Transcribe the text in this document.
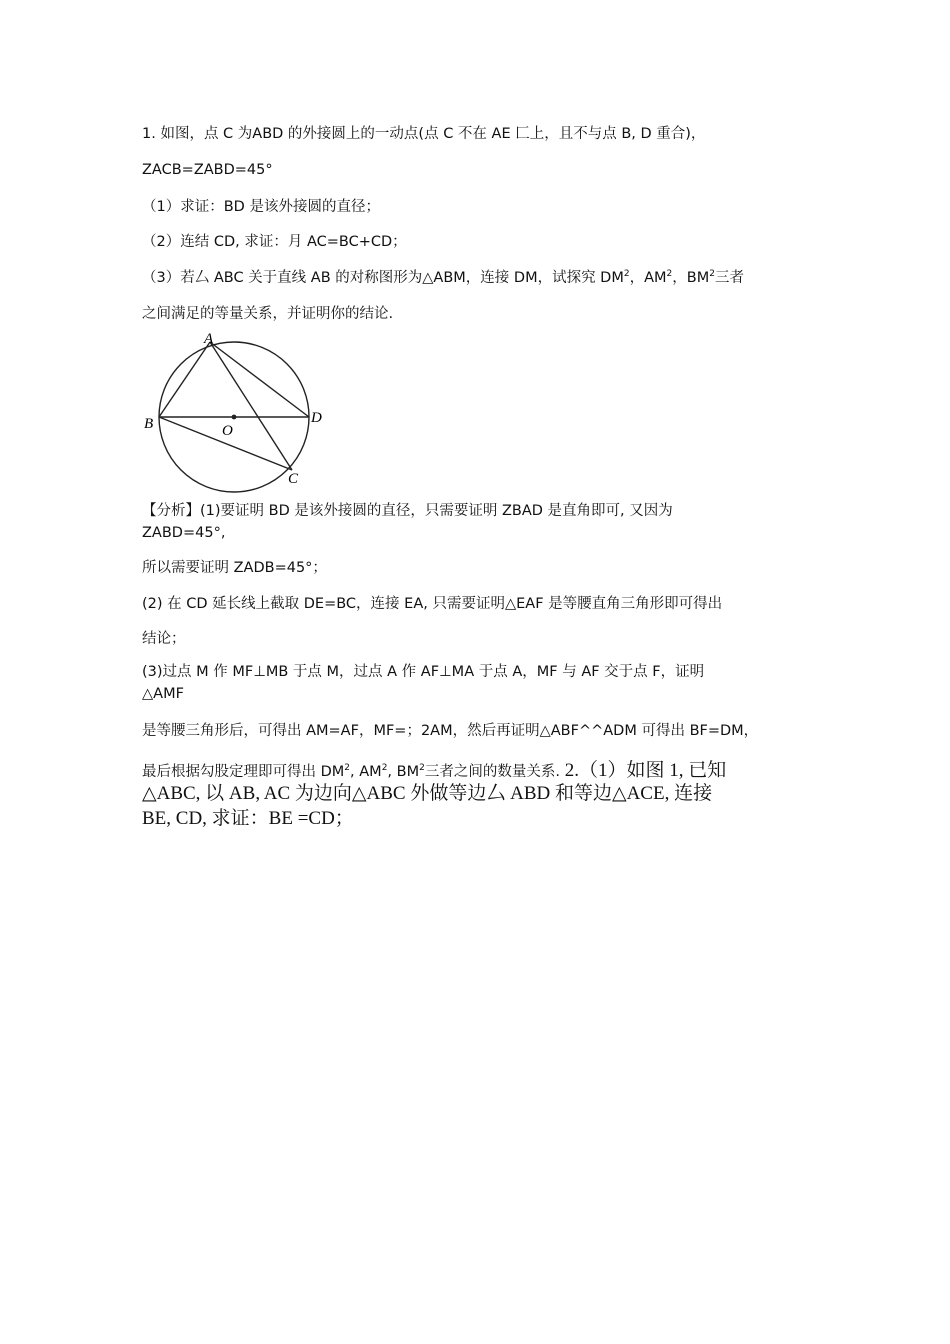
1. 如图，点 C 为ABD 的外接圆上的一动点(点 C 不在 AE 匚上，且不与点 B, D 重合)，
ZACB=ZABD=45°
（1）求证：BD 是该外接圆的直径；
（2）连结 CD, 求证：月 AC=BC+CD；
（3）若厶 ABC 关于直线 AB 的对称图形为△ABM，连接 DM，试探究 $DM^2$，$AM^2$，$BM^2$三者
之间满足的等量关系，并证明你的结论.
A
B	O
D
C
【分析】(1)要证明 BD 是该外接圆的直径，只需要证明 ZBAD 是直角即可, 又因为
ZABD=45°,
所以需要证明 ZADB=45°；
(2) 在 CD 延长线上截取 DE=BC，连接 EA, 只需要证明△EAF 是等腰直角三角形即可得出
结论；
(3)过点 M 作 MF⊥MB 于点 M，过点 A 作 AF⊥MA 于点 A，MF 与 AF 交于点 F，证明
△AMF
是等腰三角形后，可得出 AM=AF，MF=；2AM，然后再证明△ABF^^ADM 可得出 BF=DM，
最后根据勾股定理即可得出 $DM^2$, $AM^2$, $BM^2$三者之间的数量关系. 2.（1）如图 1, 已知
△ABC, 以 AB, AC 为边向△ABC 外做等边厶 ABD 和等边△ACE, 连接
BE, CD, 求证：BE =CD；
